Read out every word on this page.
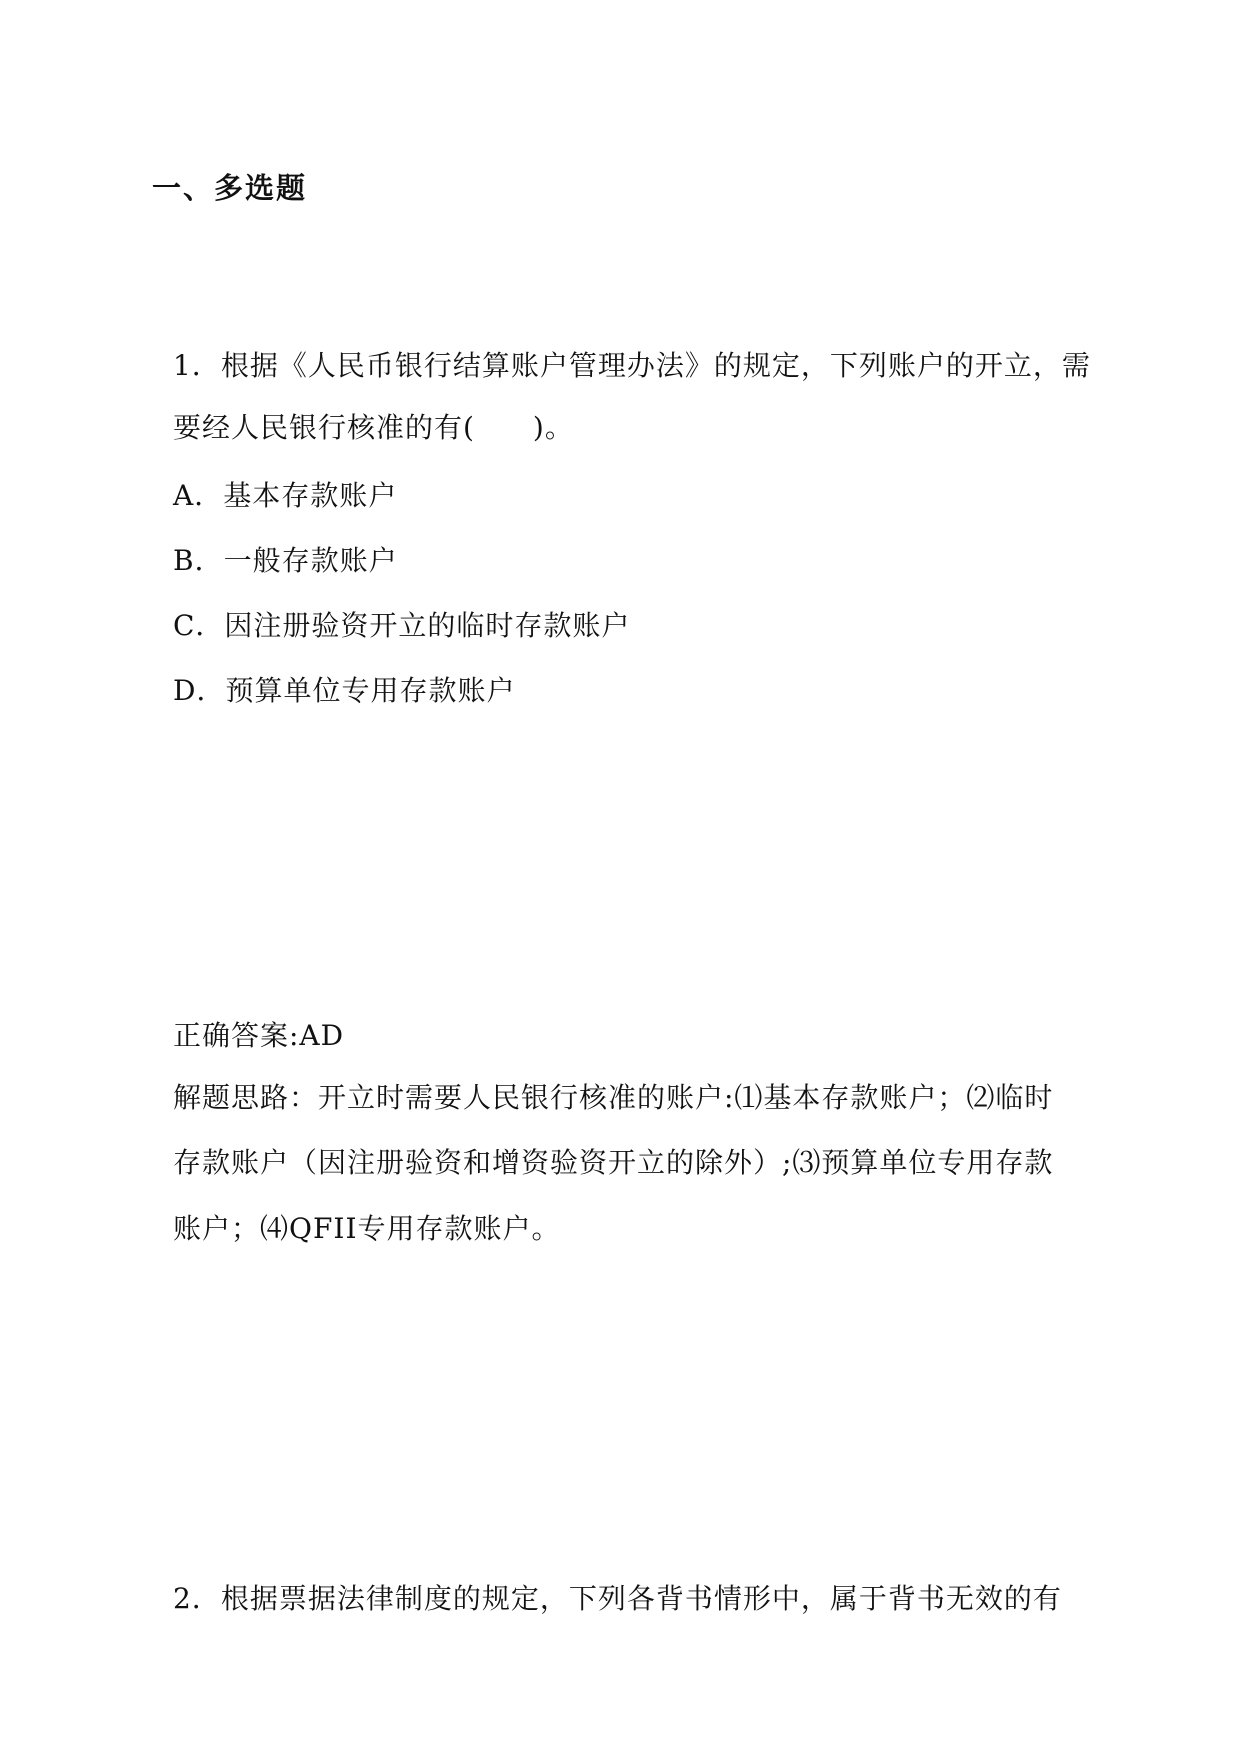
一、多选题
1．根据《人民币银行结算账户管理办法》的规定，下列账户的开立，需
要经人民银行核准的有(　　)。
A．基本存款账户
B．一般存款账户
C．因注册验资开立的临时存款账户
D．预算单位专用存款账户
正确答案:AD
解题思路：开立时需要人民银行核准的账户:⑴基本存款账户；⑵临时
存款账户（因注册验资和增资验资开立的除外）;⑶预算单位专用存款
账户；⑷QFII专用存款账户。
2．根据票据法律制度的规定，下列各背书情形中，属于背书无效的有
